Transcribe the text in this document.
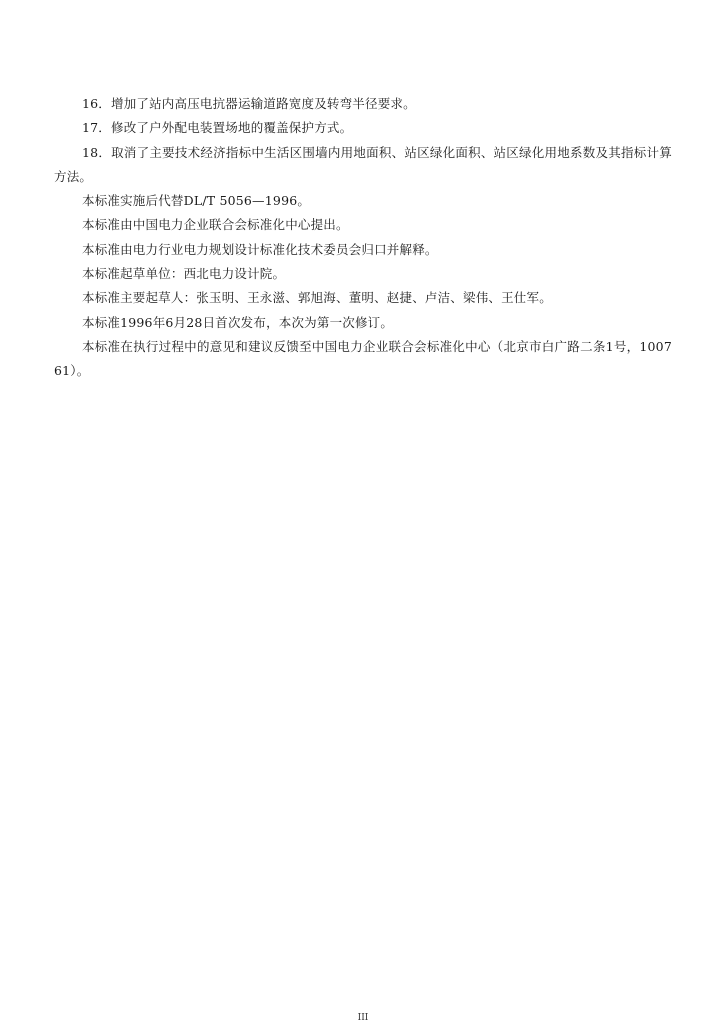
16．增加了站内高压电抗器运输道路宽度及转弯半径要求。

17．修改了户外配电装置场地的覆盖保护方式。

18．取消了主要技术经济指标中生活区围墙内用地面积、站区绿化面积、站区绿化用地系数及其指标计算方法。

本标准实施后代替DL/T 5056—1996。

本标准由中国电力企业联合会标准化中心提出。

本标准由电力行业电力规划设计标准化技术委员会归口并解释。

本标准起草单位：西北电力设计院。

本标准主要起草人：张玉明、王永滋、郭旭海、董明、赵捷、卢洁、梁伟、王仕军。

本标准1996年6月28日首次发布，本次为第一次修订。

本标准在执行过程中的意见和建议反馈至中国电力企业联合会标准化中心（北京市白广路二条1号，100761）。

III
